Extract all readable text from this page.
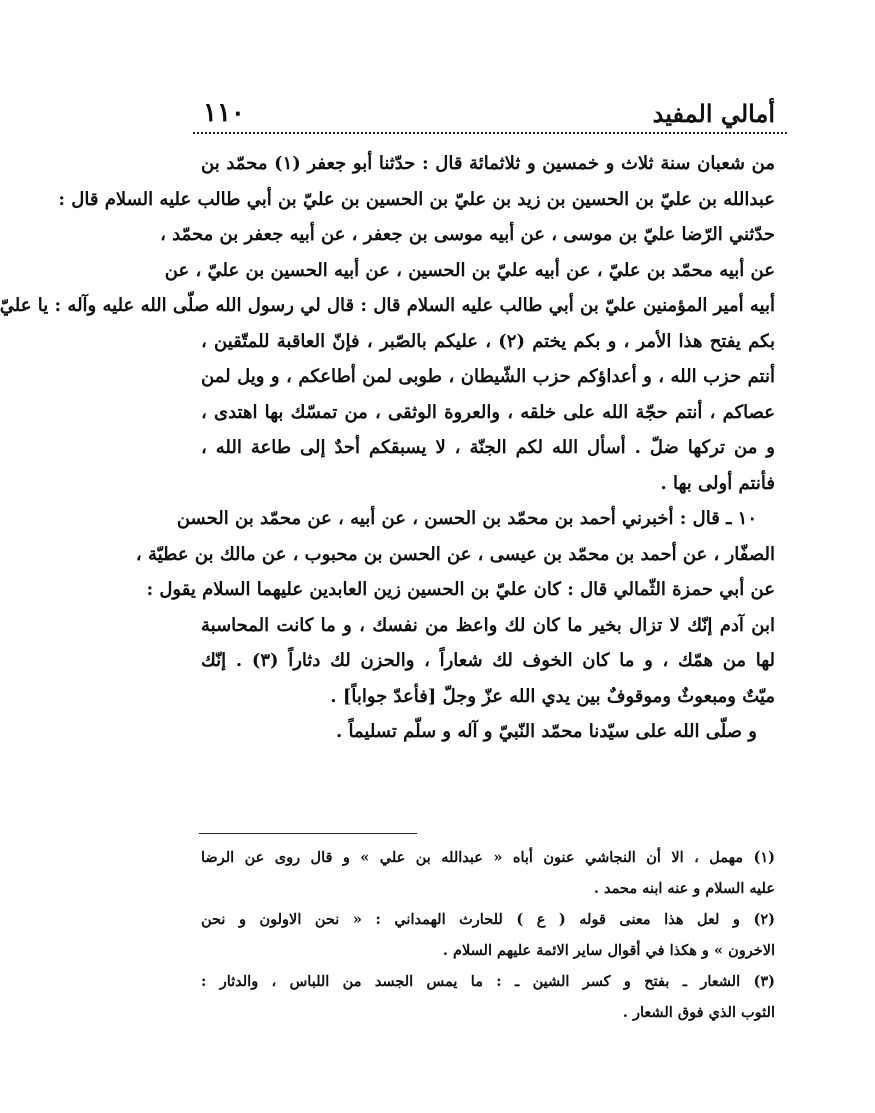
أمالي المفيد
١١٠
من شعبان سنة ثلاث و خمسين و ثلاثمائة قال : حدّثنا أبو جعفر (١) محمّد بن
عبدالله بن عليّ بن الحسين بن زيد بن عليّ بن الحسين بن عليّ بن أبي طالب عليه السلام قال :
حدّثني الرّضا عليّ بن موسى ، عن أبيه موسى بن جعفر ، عن أبيه جعفر بن محمّد ،
عن أبيه محمّد بن عليّ ، عن أبيه عليّ بن الحسين ، عن أبيه الحسين بن عليّ ، عن
أبيه أمير المؤمنين عليّ بن أبي طالب عليه السلام قال : قال لي رسول الله صلّى الله عليه وآله : يا عليّ
بكم يفتح هذا الأمر ، و بكم يختم (٢) ، عليكم بالصّبر ، فإنّ العاقبة للمتّقين ،
أنتم حزب الله ، و أعداؤكم حزب الشّيطان ، طوبى لمن أطاعكم ، و ويل لمن
عصاكم ، أنتم حجّة الله على خلقه ، والعروة الوثقى ، من تمسّك بها اهتدى ،
و من تركها ضلّ . أسأل الله لكم الجنّة ، لا يسبقكم أحدٌ إلى طاعة الله ،
فأنتم أولى بها .
١٠ ـ قال : أخبرني أحمد بن محمّد بن الحسن ، عن أبيه ، عن محمّد بن الحسن
الصفّار ، عن أحمد بن محمّد بن عيسى ، عن الحسن بن محبوب ، عن مالك بن عطيّة ،
عن أبي حمزة الثّمالي قال : كان عليّ بن الحسين زين العابدين عليهما السلام يقول :
ابن آدم إنّك لا تزال بخير ما كان لك واعظ من نفسك ، و ما كانت المحاسبة
لها من همّك ، و ما كان الخوف لك شعاراً ، والحزن لك دثاراً (٣) . إنّك
ميّتٌ ومبعوثٌ وموقوفٌ بين يدي الله عزّ وجلّ [فأعدّ جواباً] .
و صلّى الله على سيّدنا محمّد النّبيّ و آله و سلّم تسليماً .
(١) مهمل ، الا أن النجاشي عنون أباه « عبدالله بن علي » و قال روى عن الرضا
عليه السلام و عنه ابنه محمد .
(٢) و لعل هذا معنى قوله ( ع ) للحارث الهمداني : « نحن الاولون و نحن
الاخرون » و هكذا في أقوال ساير الائمة عليهم السلام .
(٣) الشعار ـ بفتح و كسر الشين ـ : ما يمس الجسد من اللباس ، والدثار :
الثوب الذي فوق الشعار .
